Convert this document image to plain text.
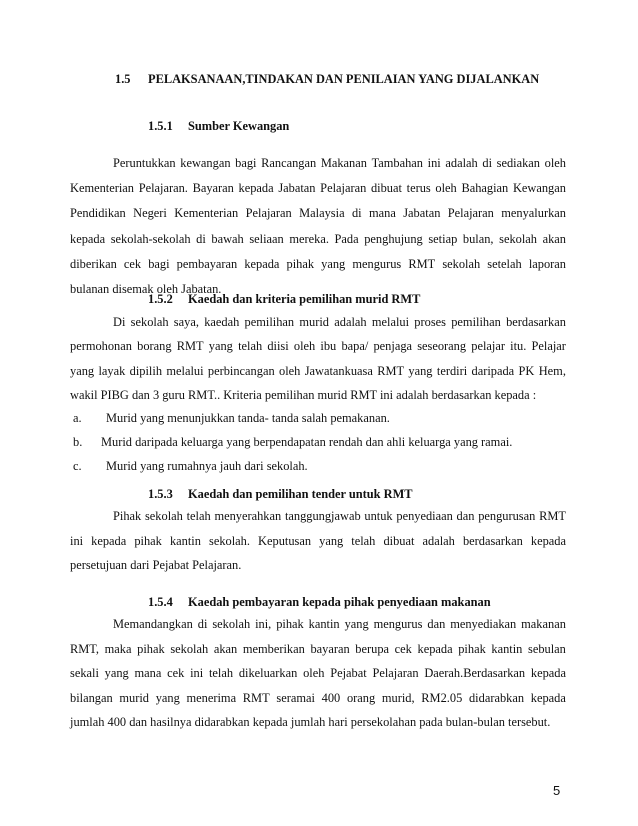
1.5 PELAKSANAAN,TINDAKAN DAN PENILAIAN YANG DIJALANKAN
1.5.1 Sumber Kewangan
Peruntukkan kewangan bagi Rancangan Makanan Tambahan ini adalah di sediakan oleh
Kementerian Pelajaran. Bayaran kepada Jabatan Pelajaran dibuat terus oleh Bahagian Kewangan
Pendidikan Negeri Kementerian Pelajaran Malaysia di mana Jabatan Pelajaran menyalurkan
kepada sekolah-sekolah di bawah seliaan mereka. Pada penghujung setiap bulan, sekolah akan
diberikan cek bagi pembayaran kepada pihak yang mengurus RMT sekolah setelah laporan
bulanan disemak oleh Jabatan.
1.5.2 Kaedah dan kriteria pemilihan murid RMT
Di sekolah saya, kaedah pemilihan murid adalah melalui proses pemilihan berdasarkan
permohonan borang RMT yang telah diisi oleh ibu bapa/ penjaga seseorang pelajar itu. Pelajar
yang layak dipilih melalui perbincangan oleh Jawatankuasa RMT yang terdiri daripada PK Hem,
wakil PIBG dan 3 guru RMT.. Kriteria pemilihan murid RMT ini adalah berdasarkan kepada :
a. Murid yang menunjukkan tanda- tanda salah pemakanan.
b. Murid daripada keluarga yang berpendapatan rendah dan ahli keluarga yang ramai.
c. Murid yang rumahnya jauh dari sekolah.
1.5.3 Kaedah dan pemilihan tender untuk RMT
Pihak sekolah telah menyerahkan tanggungjawab untuk penyediaan dan pengurusan RMT
ini kepada pihak kantin sekolah. Keputusan yang telah dibuat adalah berdasarkan kepada
persetujuan dari Pejabat Pelajaran.
1.5.4 Kaedah pembayaran kepada pihak penyediaan makanan
Memandangkan di sekolah ini, pihak kantin yang mengurus dan menyediakan makanan
RMT, maka pihak sekolah akan memberikan bayaran berupa cek kepada pihak kantin sebulan
sekali yang mana cek ini telah dikeluarkan oleh Pejabat Pelajaran Daerah.Berdasarkan kepada
bilangan murid yang menerima RMT seramai 400 orang murid, RM2.05 didarabkan kepada
jumlah 400 dan hasilnya didarabkan kepada jumlah hari persekolahan pada bulan-bulan tersebut.
5
